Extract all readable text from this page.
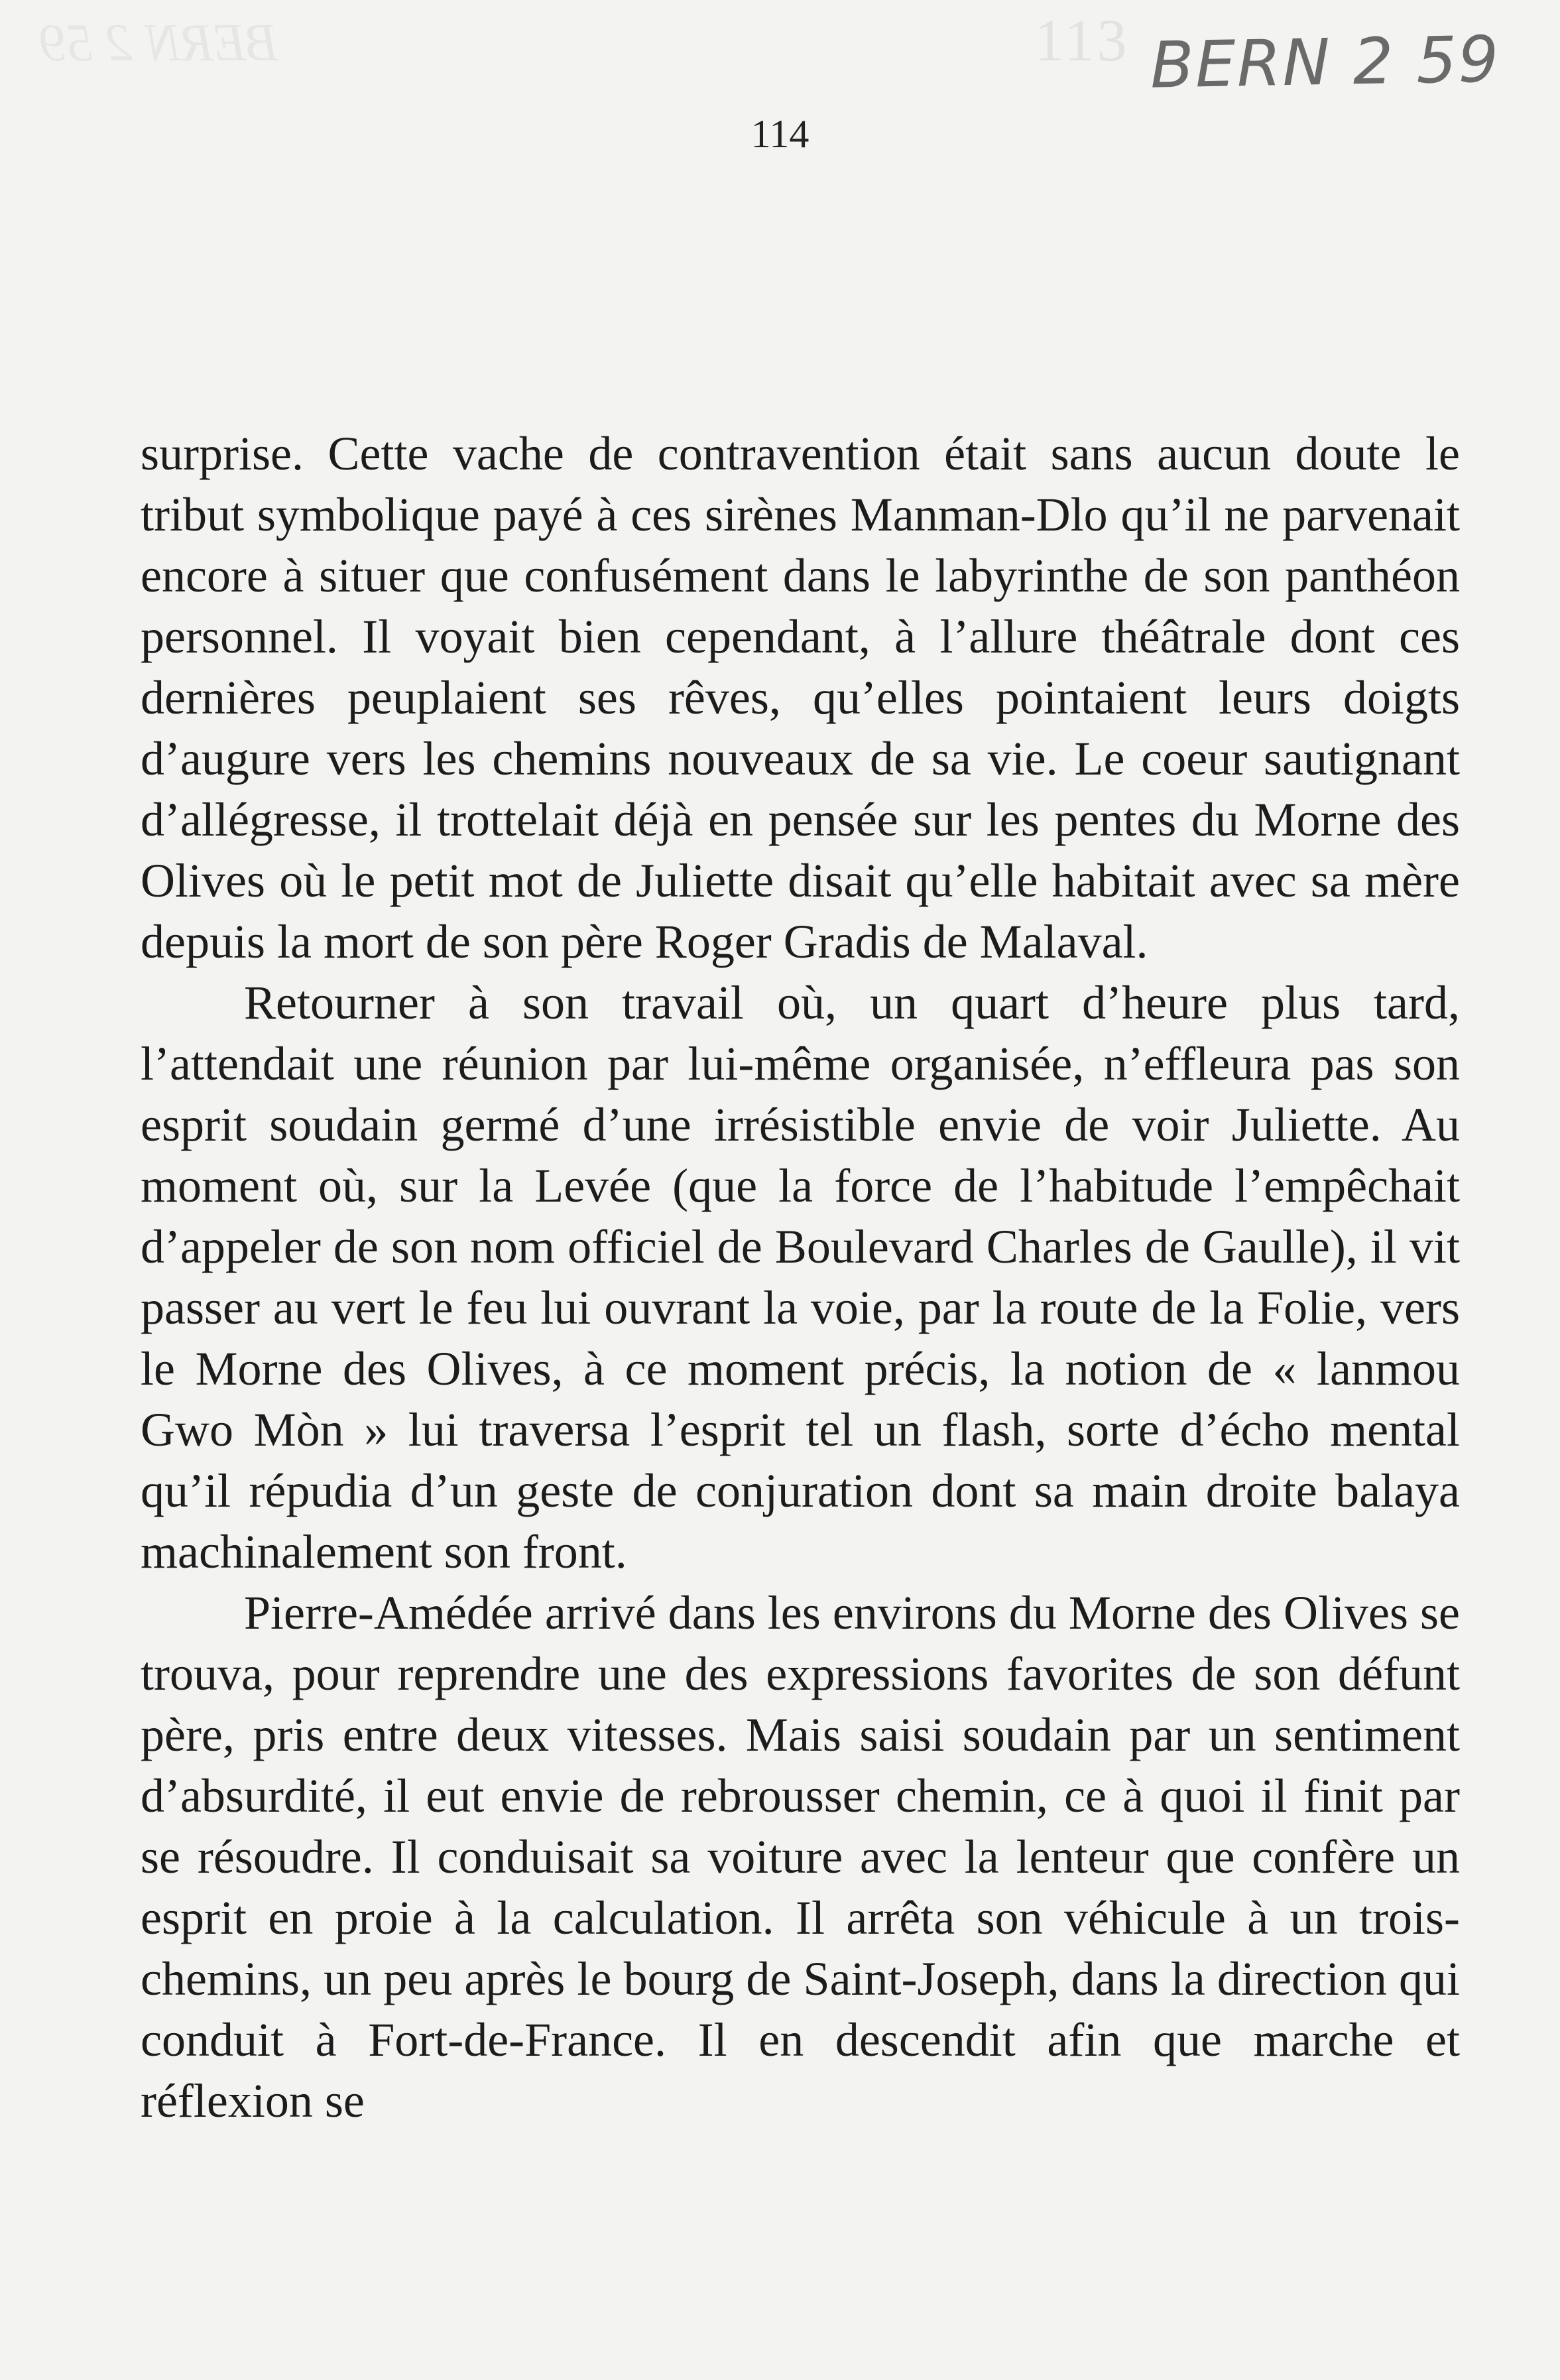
BERN 2 59	113 BERN 2 59
114

surprise. Cette vache de contravention était sans aucun doute le tribut symbolique payé à ces sirènes Manman-Dlo qu’il ne parvenait encore à situer que confusément dans le labyrinthe de son panthéon personnel. Il voyait bien cependant, à l’allure théâtrale dont ces dernières peuplaient ses rêves, qu’elles pointaient leurs doigts d’augure vers les chemins nouveaux de sa vie. Le coeur sautignant d’allégresse, il trottelait déjà en pensée sur les pentes du Morne des Olives où le petit mot de Juliette disait qu’elle habitait avec sa mère depuis la mort de son père Roger Gradis de Malaval.

Retourner à son travail où, un quart d’heure plus tard, l’attendait une réunion par lui-même organisée, n’effleura pas son esprit soudain germé d’une irrésistible envie de voir Juliette. Au moment où, sur la Levée (que la force de l’habitude l’empêchait d’appeler de son nom officiel de Boulevard Charles de Gaulle), il vit passer au vert le feu lui ouvrant la voie, par la route de la Folie, vers le Morne des Olives, à ce moment précis, la notion de « lanmou Gwo Mòn » lui traversa l’esprit tel un flash, sorte d’écho mental qu’il répudia d’un geste de conjuration dont sa main droite balaya machinalement son front.

Pierre-Amédée arrivé dans les environs du Morne des Olives se trouva, pour reprendre une des expressions favorites de son défunt père, pris entre deux vitesses. Mais saisi soudain par un sentiment d’absurdité, il eut envie de rebrousser chemin, ce à quoi il finit par se résoudre. Il conduisait sa voiture avec la lenteur que confère un esprit en proie à la calculation. Il arrêta son véhicule à un trois-chemins, un peu après le bourg de Saint-Joseph, dans la direction qui conduit à Fort-de-France. Il en descendit afin que marche et réflexion se
